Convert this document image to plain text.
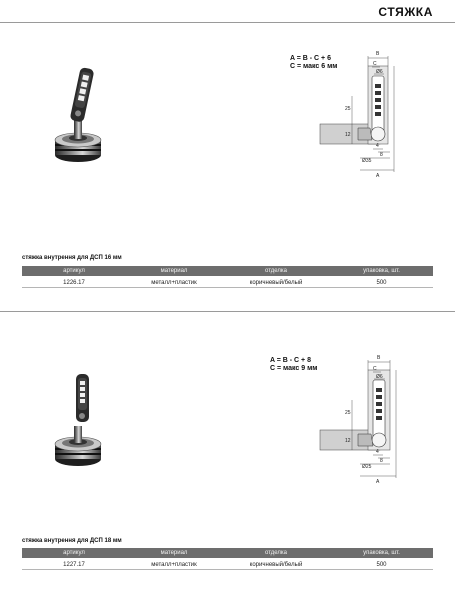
СТЯЖКА
A = B - C + 6
C = макс 6 мм
B
C
Ø6
25
12
Ø35
4
8
A
стяжка внутрення для ДСП 16 мм
артикул	материал	отделка	упаковка, шт.
1226.17	металл+пластик	коричневый/белый	500
A = B - C + 8
C = макс 9 мм
B
C
Ø6
25
12
Ø25
4
8
A
стяжка внутрення для ДСП 18 мм
артикул	материал	отделка	упаковка, шт.
1227.17	металл+пластик	коричневый/белый	500
